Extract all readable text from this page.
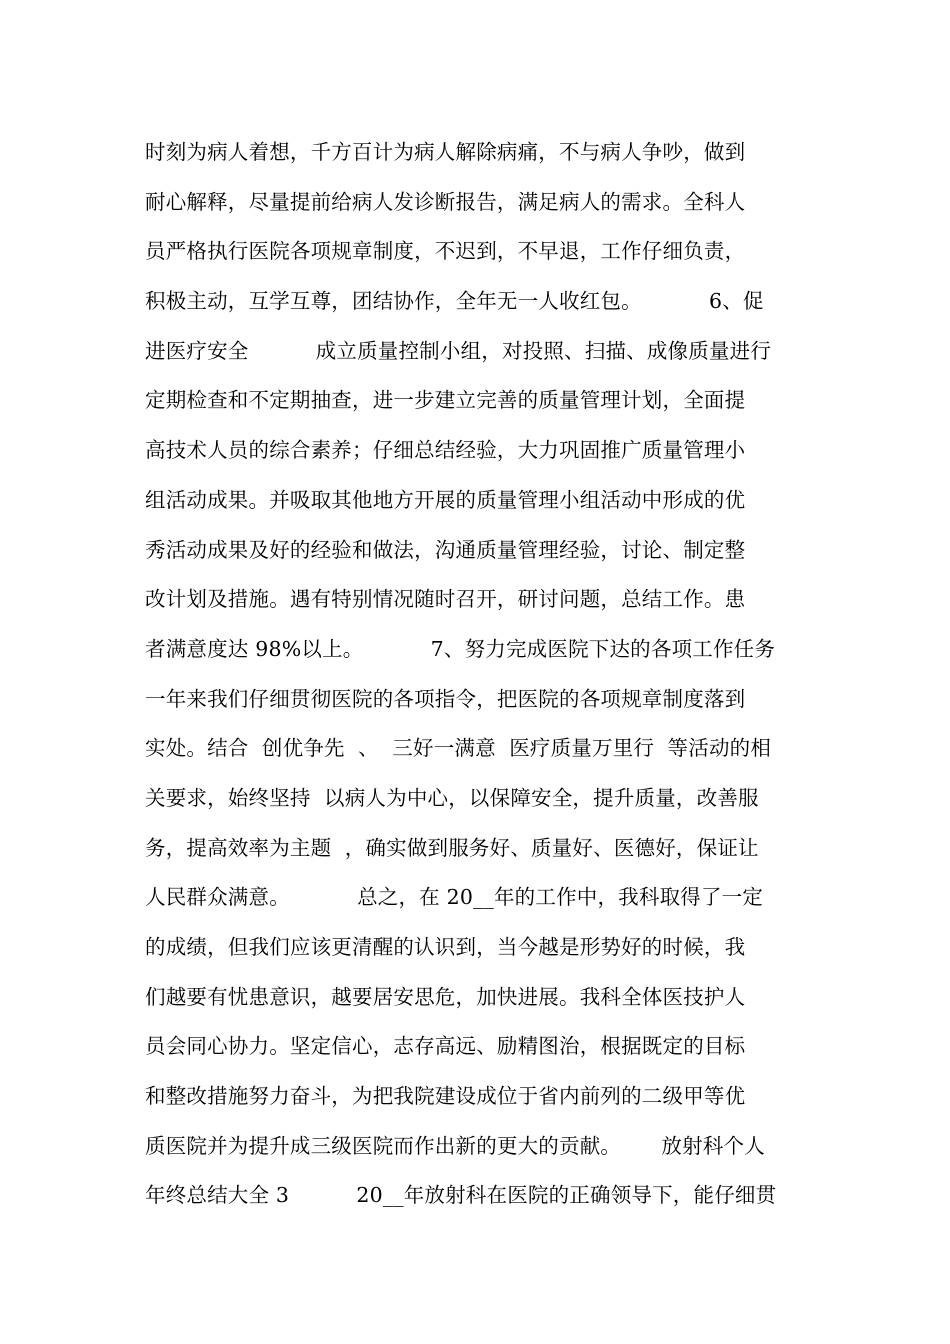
时刻为病人着想，千方百计为病人解除病痛，不与病人争吵，做到
耐心解释，尽量提前给病人发诊断报告，满足病人的需求。全科人
员严格执行医院各项规章制度，不迟到，不早退，工作仔细负责，
积极主动，互学互尊，团结协作，全年无一人收红包。          6、促
进医疗安全          成立质量控制小组，对投照、扫描、成像质量进行
定期检查和不定期抽查，进一步建立完善的质量管理计划，全面提
高技术人员的综合素养；仔细总结经验，大力巩固推广质量管理小
组活动成果。并吸取其他地方开展的质量管理小组活动中形成的优
秀活动成果及好的经验和做法，沟通质量管理经验，讨论、制定整
改计划及措施。遇有特别情况随时召开，研讨问题，总结工作。患
者满意度达 98%以上。          7、努力完成医院下达的各项工作任务
一年来我们仔细贯彻医院的各项指令，把医院的各项规章制度落到
实处。结合  创优争先  、  三好一满意  医疗质量万里行  等活动的相
关要求，始终坚持  以病人为中心，以保障安全，提升质量，改善服
务，提高效率为主题  ，确实做到服务好、质量好、医德好，保证让
人民群众满意。          总之，在 20__年的工作中，我科取得了一定
的成绩，但我们应该更清醒的认识到，当今越是形势好的时候，我
们越要有忧患意识，越要居安思危，加快进展。我科全体医技护人
员会同心协力。坚定信心，志存高远、励精图治，根据既定的目标
和整改措施努力奋斗，为把我院建设成位于省内前列的二级甲等优
质医院并为提升成三级医院而作出新的更大的贡献。      放射科个人
年终总结大全 3          20__年放射科在医院的正确领导下，能仔细贯
